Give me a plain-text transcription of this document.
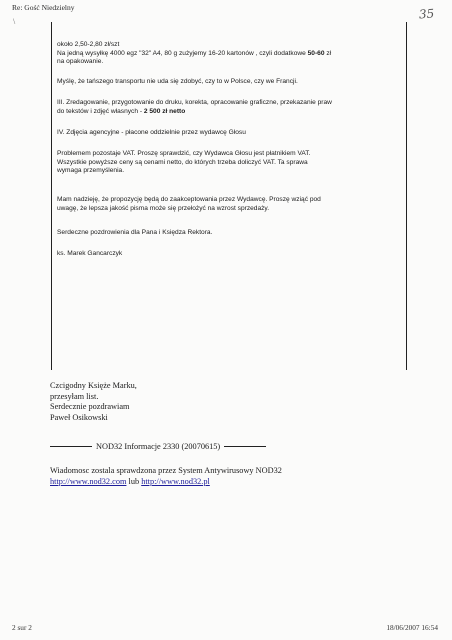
Re: Gość Niedzielny	35
\

około 2,50-2,80 zł/szt

Na jedną wysyłkę 4000 egz "32" A4, 80 g zużyjemy 16-20 kartonów , czyli dodatkowe 50-60 zł

na opakowanie.

Myślę, że tańszego transportu nie uda się zdobyć, czy to w Polsce, czy we Francji.

III. Zredagowanie, przygotowanie do druku, korekta, opracowanie graficzne, przekazanie praw

do tekstów i zdjęć własnych - 2 500 zł netto

IV. Zdjęcia agencyjne - płacone oddzielnie przez wydawcę Głosu

Problemem pozostaje VAT. Proszę sprawdzić, czy Wydawca Głosu jest płatnikiem VAT.

Wszystkie powyższe ceny są cenami netto, do których trzeba doliczyć VAT. Ta sprawa

wymaga przemyślenia.

Mam nadzieję, że propozycję będą do zaakceptowania przez Wydawcę. Proszę wziąć pod

uwagę, że lepsza jakość pisma może się przełożyć na wzrost sprzedaży.

Serdeczne pozdrowienia dla Pana i Księdza Rektora.
ks. Marek Gancarczyk

Czcigodny Księże Marku,

przesyłam list.

Serdecznie pozdrawiam

Paweł Osikowski

NOD32 Informacje 2330 (20070615)

Wiadomosc zostala sprawdzona przez System Antywirusowy NOD32

http://www.nod32.com lub http://www.nod32.pl

2 sur 2	18/06/2007 16:54
